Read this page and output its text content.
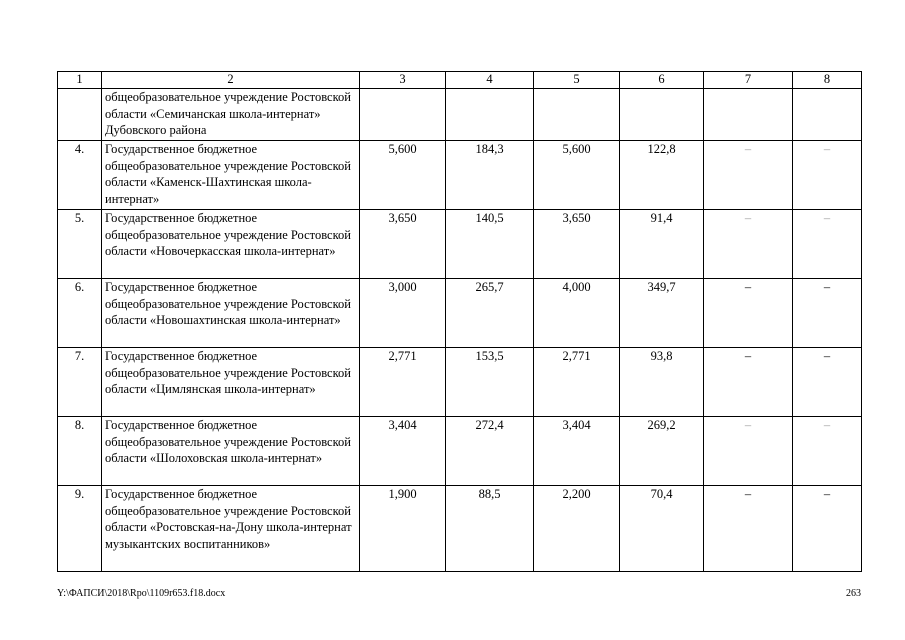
1	2	3	4	5	6	7	8
	общеобразовательное учреждение Ростовской области «Семичанская школа-интернат» Дубовского района						
4.	Государственное бюджетное общеобразовательное учреждение Ростовской области «Каменск-Шахтинская школа-интернат»	5,600	184,3	5,600	122,8	–	–
5.	Государственное бюджетное общеобразовательное учреждение Ростовской области «Новочеркасская школа-интернат»	3,650	140,5	3,650	91,4	–	–
6.	Государственное бюджетное общеобразовательное учреждение Ростовской области «Новошахтинская школа-интернат»	3,000	265,7	4,000	349,7	–	–
7.	Государственное бюджетное общеобразовательное учреждение Ростовской области «Цимлянская школа-интернат»	2,771	153,5	2,771	93,8	–	–
8.	Государственное бюджетное общеобразовательное учреждение Ростовской области «Шолоховская школа-интернат»	3,404	272,4	3,404	269,2	–	–
9.	Государственное бюджетное общеобразовательное учреждение Ростовской области «Ростовская-на-Дону школа-интернат музыкантских воспитанников»	1,900	88,5	2,200	70,4	–	–
Y:\ФАПСИ\2018\Rpo\1109r653.f18.docx	263
